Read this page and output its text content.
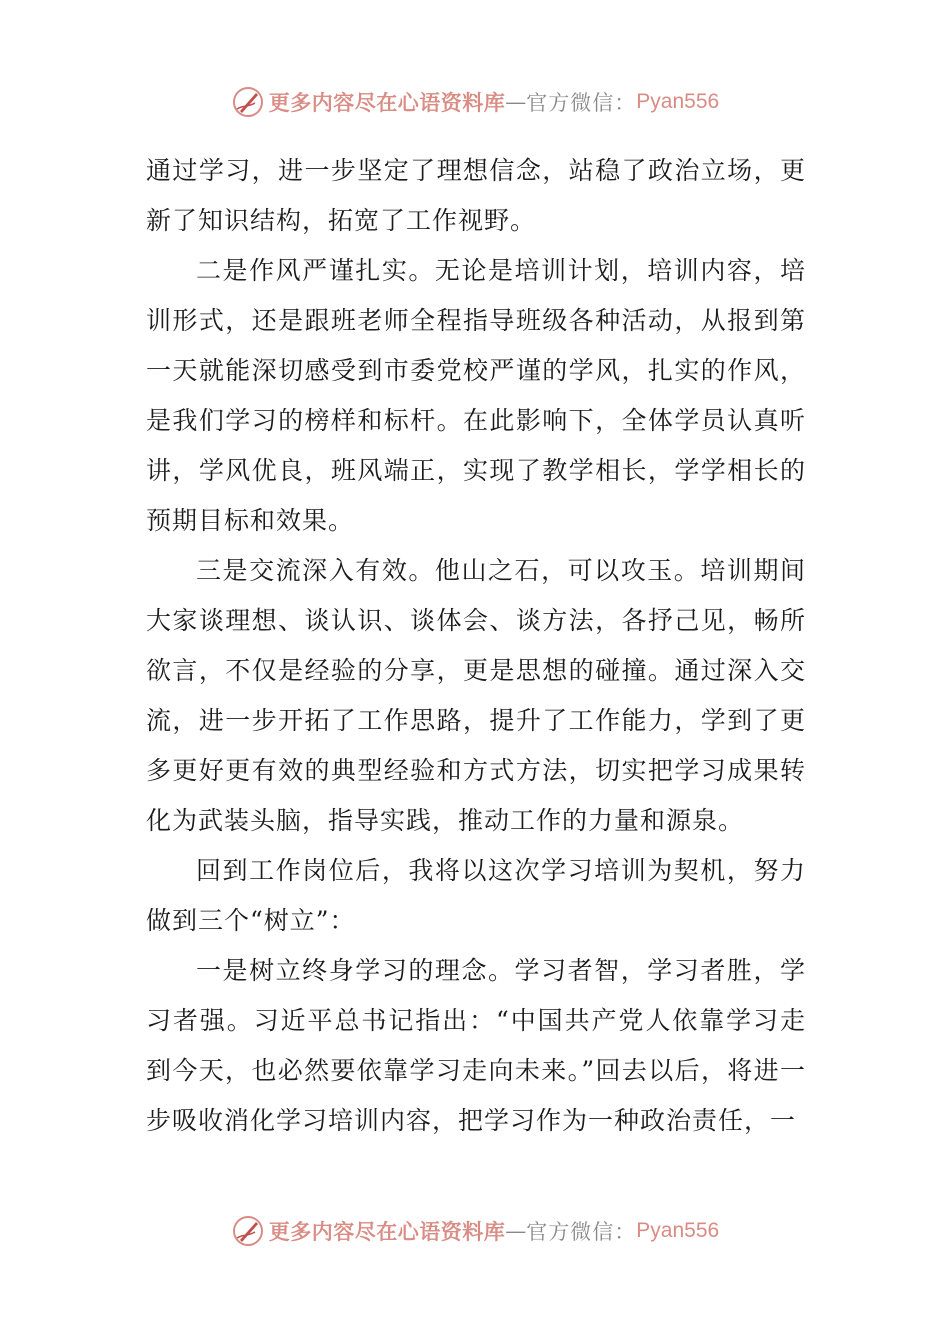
更多内容尽在心语资料库 — 官方微信： Pyan556

通过学习，进一步坚定了理想信念，站稳了政治立场，更新了知识结构，拓宽了工作视野。

二是作风严谨扎实。无论是培训计划，培训内容，培训形式，还是跟班老师全程指导班级各种活动，从报到第一天就能深切感受到市委党校严谨的学风，扎实的作风，是我们学习的榜样和标杆。在此影响下，全体学员认真听讲，学风优良，班风端正，实现了教学相长，学学相长的预期目标和效果。

三是交流深入有效。他山之石，可以攻玉。培训期间大家谈理想、谈认识、谈体会、谈方法，各抒己见，畅所欲言，不仅是经验的分享，更是思想的碰撞。通过深入交流，进一步开拓了工作思路，提升了工作能力，学到了更多更好更有效的典型经验和方式方法，切实把学习成果转化为武装头脑，指导实践，推动工作的力量和源泉。

回到工作岗位后，我将以这次学习培训为契机，努力做到三个“树立”：

一是树立终身学习的理念。学习者智，学习者胜，学习者强。习近平总书记指出：“中国共产党人依靠学习走到今天，也必然要依靠学习走向未来。”回去以后，将进一步吸收消化学习培训内容，把学习作为一种政治责任，一

更多内容尽在心语资料库 — 官方微信： Pyan556
